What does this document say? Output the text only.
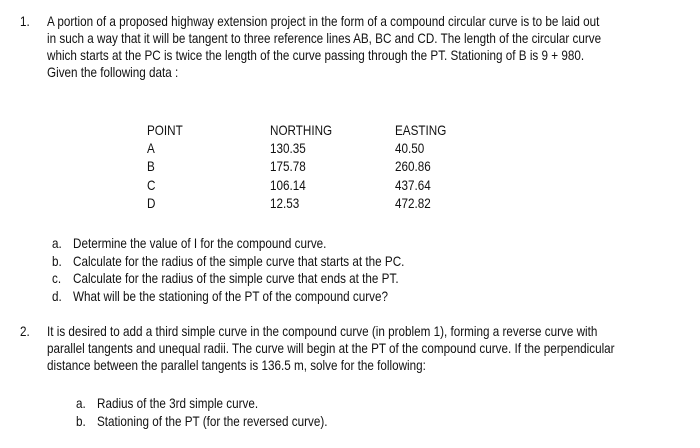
1. A portion of a proposed highway extension project in the form of a compound circular curve is to be laid out
in such a way that it will be tangent to three reference lines AB, BC and CD. The length of the circular curve
which starts at the PC is twice the length of the curve passing through the PT. Stationing of B is 9 + 980.
Given the following data :
POINT
A
B
C
D
NORTHING
130.35
175.78
106.14
12.53
EASTING
40.50
260.86
437.64
472.82
a. Determine the value of I for the compound curve.
b. Calculate for the radius of the simple curve that starts at the PC.
c. Calculate for the radius of the simple curve that ends at the PT.
d. What will be the stationing of the PT of the compound curve?
2. It is desired to add a third simple curve in the compound curve (in problem 1), forming a reverse curve with
parallel tangents and unequal radii. The curve will begin at the PT of the compound curve. If the perpendicular
distance between the parallel tangents is 136.5 m, solve for the following:
a. Radius of the 3rd simple curve.
b. Stationing of the PT (for the reversed curve).
